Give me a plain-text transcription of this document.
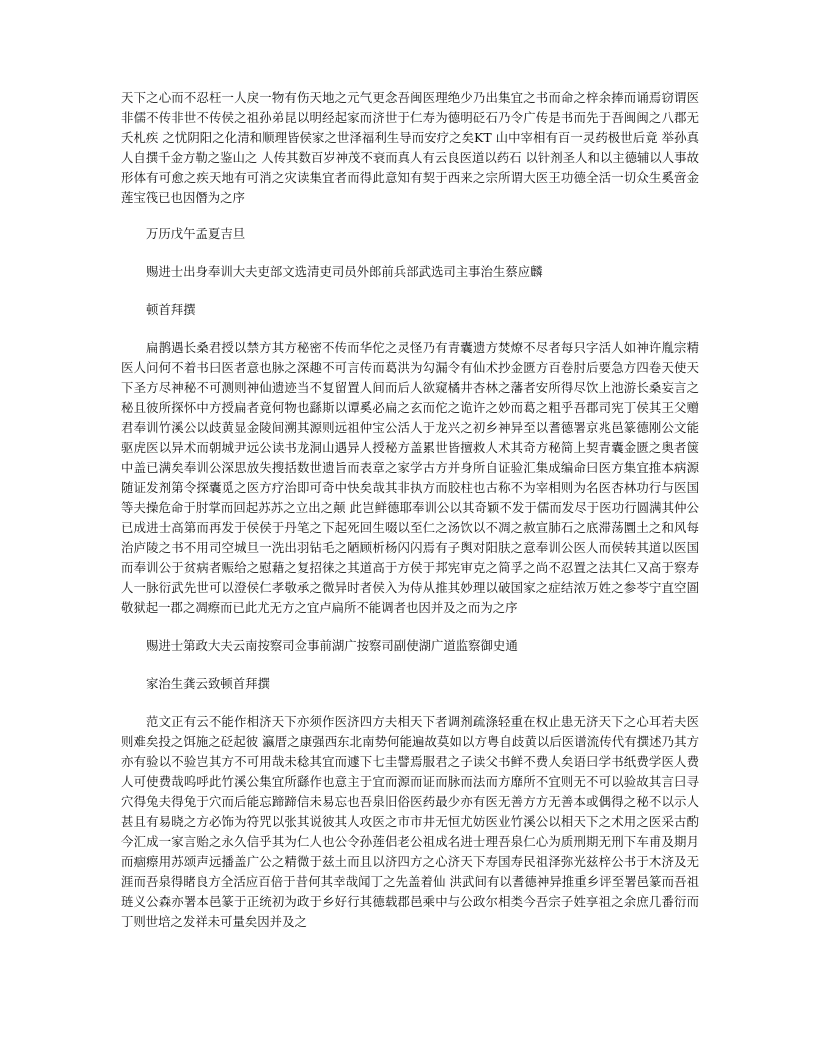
天下之心而不忍枉一人戾一物有伤天地之元气更念吾闽医理绝少乃出集宜之书而命之梓余捧而诵焉窃谓医非儒不传非世不传侯之祖孙弟昆以明经起家而济世于仁寿为德明砭石乃令广传是书而先于吾闽闽之八郡无夭札疾 之忧阴阳之化清和顺理皆侯家之世泽福利生导而安疗之矣KT 山中宰相有百一灵药极世后竟 举孙真人自撰千金方勒之鉴山之 人传其数百岁神茂不衰而真人有云良医道以药石 以针剂圣人和以主德辅以人事故形体有可愈之疾天地有可消之灾读集宜者而得此意知有契于西来之宗所谓大医王功德全活一切众生奚啻金莲宝筏已也因僭为之序

万历戊午孟夏吉旦

赐进士出身奉训大夫吏部文选清吏司员外郎前兵部武选司主事治生蔡应麟

顿首拜撰

扁鹊遇长桑君授以禁方其方秘密不传而华佗之灵怪乃有青囊遗方焚燎不尽者每只字活人如神许胤宗精医人问何不着书曰医者意也脉之深趣不可言传而葛洪为勾漏令有仙术抄金匮方百卷肘后要急方四卷天使天下圣方尽神秘不可测则神仙遗迹当不复留置人间而后人欲窥橘井杏林之藩者安所得尽饮上池游长桑妄言之秘且彼所探怀中方授扁者竟何物也繇斯以谭奚必扁之玄而佗之诡许之妙而葛之粗乎吾郡司宪丁侯其王父赠君奉训竹溪公以歧黄显金陵间溯其源则远祖仲宝公活人于龙兴之初乡神异至以耆德署京兆邑篆德刚公文能驱虎医以异术而朝城尹远公读书龙洞山遇异人授秘方盖累世皆擅救人术其奇方秘简上契青囊金匮之奥者箧中盖已满矣奉训公深思放失搜括数世遗旨而表章之家学古方并身所自证验汇集成编命曰医方集宜推本病源随证发剂第令探囊觅之医方疗治即可奇中快矣哉其非执方而胶柱也古称不为宰相则为名医杏林功行与医国等夫操危命于肘掌而回起苏苏之立出之颠 此岂鲜德耶奉训公以其奇颖不发于儒而发尽于医功行圆满其仲公已成进士高第而再发于侯侯于丹笔之下起死回生啜以至仁之汤饮以不凋之赦宣肺石之底滞荡圜土之和风每治庐陵之书不用司空城旦一洗出羽钻毛之陋顾析杨闪闪焉有子舆对阳肤之意奉训公医人而侯转其道以医国而奉训公于贫病者赈给之慰藉之复招徕之其道高于方侯于邦宪审克之简孚之尚不忍置之法其仁又高于察寿人一脉衍武先世可以澄侯仁孝敬承之微异时者侯入为侍从推其妙理以破国家之症结浓万姓之参苓宁直空圄敬狱起一郡之凋瘵而已此尤无方之宜卢扁所不能调者也因并及之而为之序

赐进士第政大夫云南按察司佥事前湖广按察司副使湖广道监察御史通

家治生龚云致顿首拜撰

范文正有云不能作相济天下亦须作医济四方夫相天下者调剂疏涤轻重在权止患无济天下之心耳若夫医则难矣投之饵施之砭起彼 瀛厝之康强西东北南势何能遍故莫如以方粤自歧黄以后医谱流传代有撰述乃其方亦有验以不验岂其方不可用哉未稔其宜而遽下七圭譬焉服君之子读父书鲜不费人矣语曰学书纸费学医人费人可使费哉呜呼此竹溪公集宜所繇作也意主于宜而源而证而脉而法而方靡所不宜则无不可以验故其言曰寻穴得兔夫得兔于穴而后能忘蹄蹄信未易忘也吾泉旧俗医药最少亦有医无善方方无善本或偶得之秘不以示人甚且有易晓之方必饰为符咒以张其说彼其人攻医之市市井无恒尤妨医业竹溪公以相天下之术用之医采古酌今汇成一家言贻之永久信乎其为仁人也公令孙莲侣老公祖成名进士理吾泉仁心为质刑期无刑下车甫及期月而痼瘵用苏颂声远播盖广公之精微于兹土而且以济四方之心济天下寿国寿民祖泽弥光兹梓公书于木济及无涯而吾泉得睹良方全活应百倍于昔何其幸哉闻丁之先盖着仙 洪武间有以耆德神异推重乡评至署邑篆而吾祖琏义公森亦署本邑篆于正统初为政于乡好行其德载郡邑乘中与公政尔相类今吾宗子姓享祖之余庶几番衍而丁则世培之发祥未可量矣因并及之
